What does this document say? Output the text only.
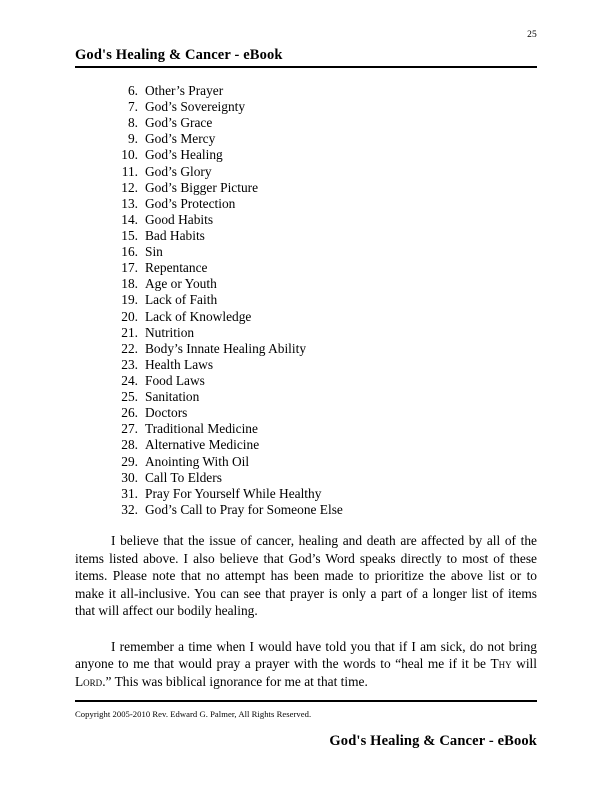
25
God's Healing & Cancer - eBook
6. Other’s Prayer
7. God’s Sovereignty
8. God’s Grace
9. God’s Mercy
10. God’s Healing
11. God’s Glory
12. God’s Bigger Picture
13. God’s Protection
14. Good Habits
15. Bad Habits
16. Sin
17. Repentance
18. Age or Youth
19. Lack of Faith
20. Lack of Knowledge
21. Nutrition
22. Body’s Innate Healing Ability
23. Health Laws
24. Food Laws
25. Sanitation
26. Doctors
27. Traditional Medicine
28. Alternative Medicine
29. Anointing With Oil
30. Call To Elders
31. Pray For Yourself While Healthy
32. God’s Call to Pray for Someone Else

I believe that the issue of cancer, healing and death are affected by all of the items listed above. I also believe that God’s Word speaks directly to most of these items. Please note that no attempt has been made to prioritize the above list or to make it all-inclusive. You can see that prayer is only a part of a longer list of items that will affect our bodily healing.

I remember a time when I would have told you that if I am sick, do not bring anyone to me that would pray a prayer with the words to “heal me if it be Thy will Lord.” This was biblical ignorance for me at that time.

Copyright 2005-2010 Rev. Edward G. Palmer, All Rights Reserved.
God's Healing & Cancer - eBook
